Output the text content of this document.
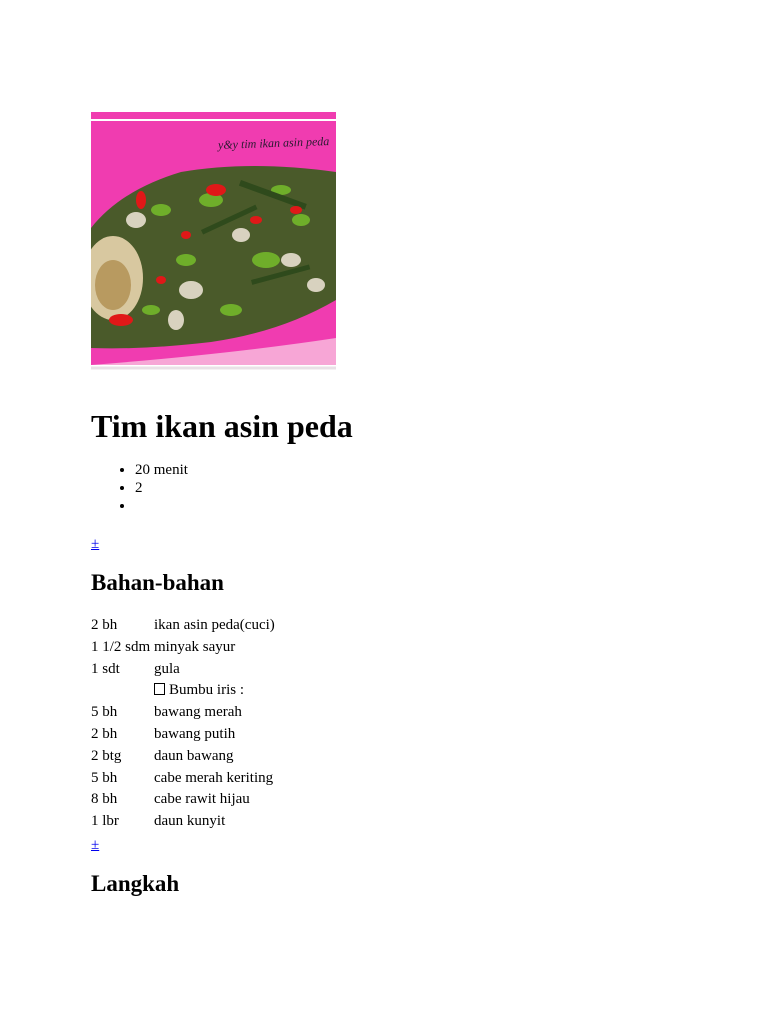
y&y tim ikan asin peda
Tim ikan asin peda
• 20 menit
• 2
•
±
Bahan-bahan
2 bh	ikan asin peda(cuci)
1 1/2 sdm	minyak sayur
1 sdt	gula
	Bumbu iris :
5 bh	bawang merah
2 bh	bawang putih
2 btg	daun bawang
5 bh	cabe merah keriting
8 bh	cabe rawit hijau
1 lbr	daun kunyit
±
Langkah
